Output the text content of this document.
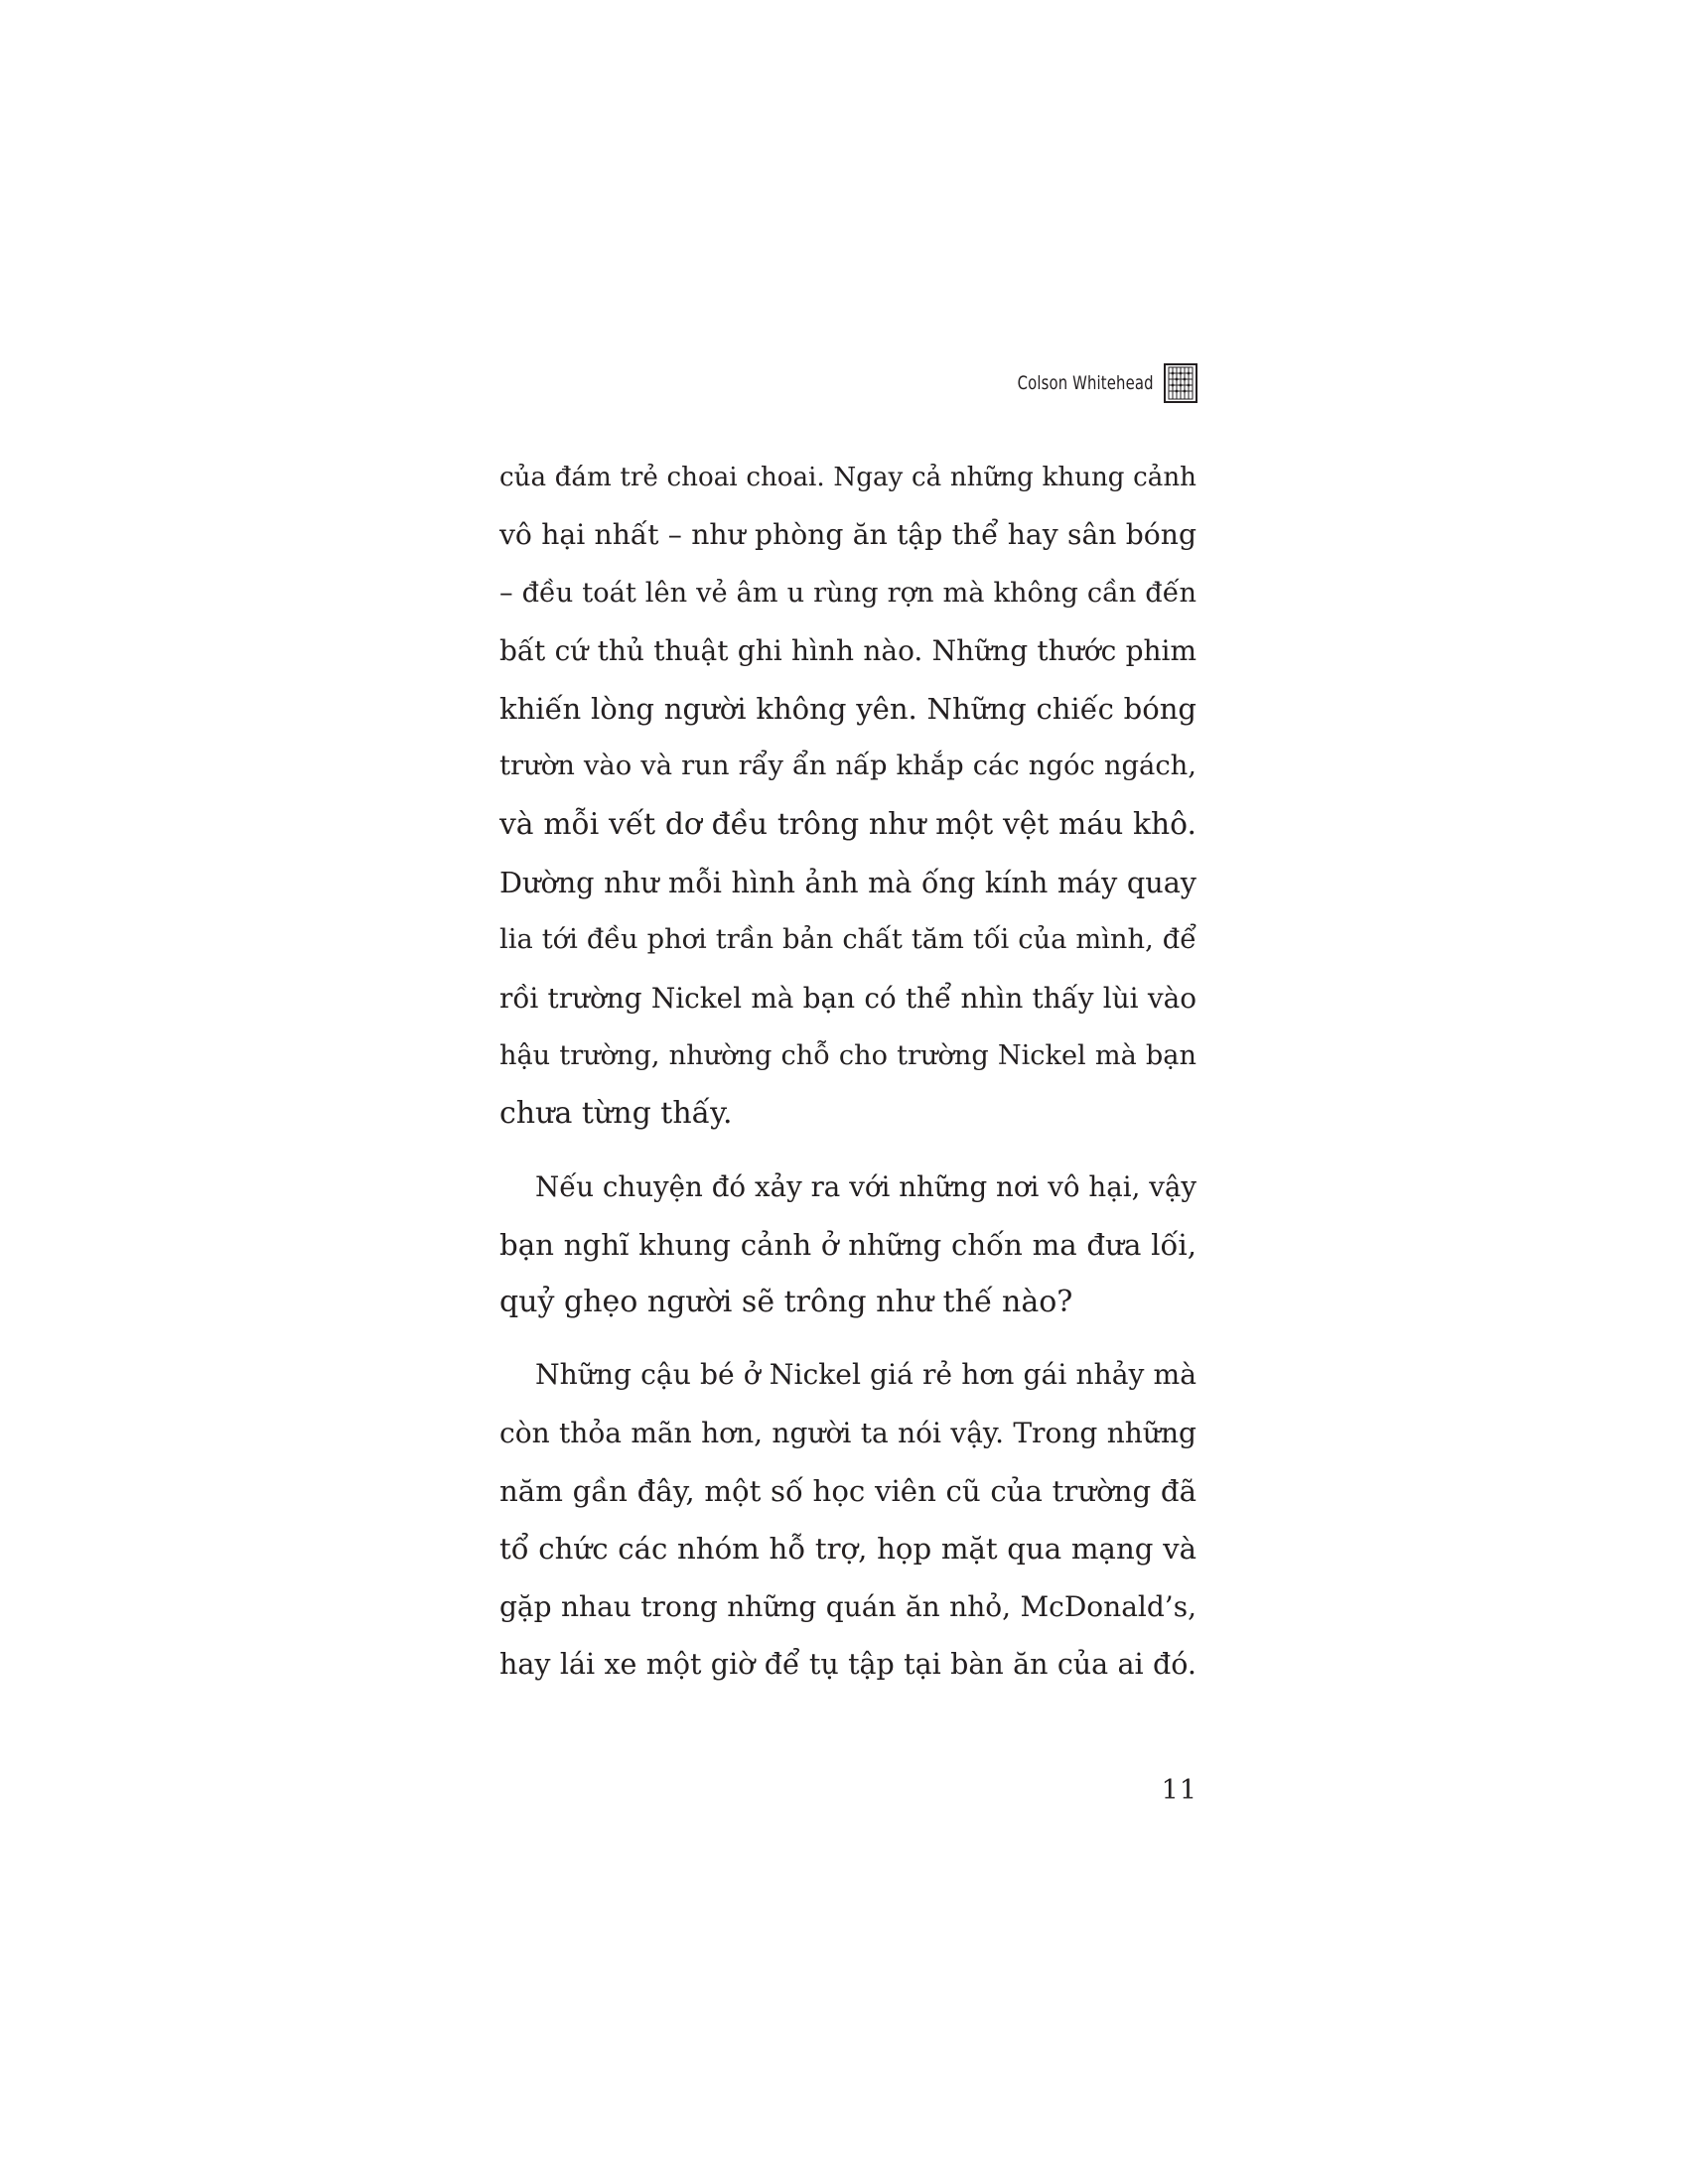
Colson Whitehead
của đám trẻ choai choai. Ngay cả những khung cảnh
vô hại nhất – như phòng ăn tập thể hay sân bóng
– đều toát lên vẻ âm u rùng rợn mà không cần đến
bất cứ thủ thuật ghi hình nào. Những thước phim
khiến lòng người không yên. Những chiếc bóng
trườn vào và run rẩy ẩn nấp khắp các ngóc ngách,
và mỗi vết dơ đều trông như một vệt máu khô.
Dường như mỗi hình ảnh mà ống kính máy quay
lia tới đều phơi trần bản chất tăm tối của mình, để
rồi trường Nickel mà bạn có thể nhìn thấy lùi vào
hậu trường, nhường chỗ cho trường Nickel mà bạn
chưa từng thấy.
Nếu chuyện đó xảy ra với những nơi vô hại, vậy
bạn nghĩ khung cảnh ở những chốn ma đưa lối,
quỷ ghẹo người sẽ trông như thế nào?
Những cậu bé ở Nickel giá rẻ hơn gái nhảy mà
còn thỏa mãn hơn, người ta nói vậy. Trong những
năm gần đây, một số học viên cũ của trường đã
tổ chức các nhóm hỗ trợ, họp mặt qua mạng và
gặp nhau trong những quán ăn nhỏ, McDonald’s,
hay lái xe một giờ để tụ tập tại bàn ăn của ai đó.
11
